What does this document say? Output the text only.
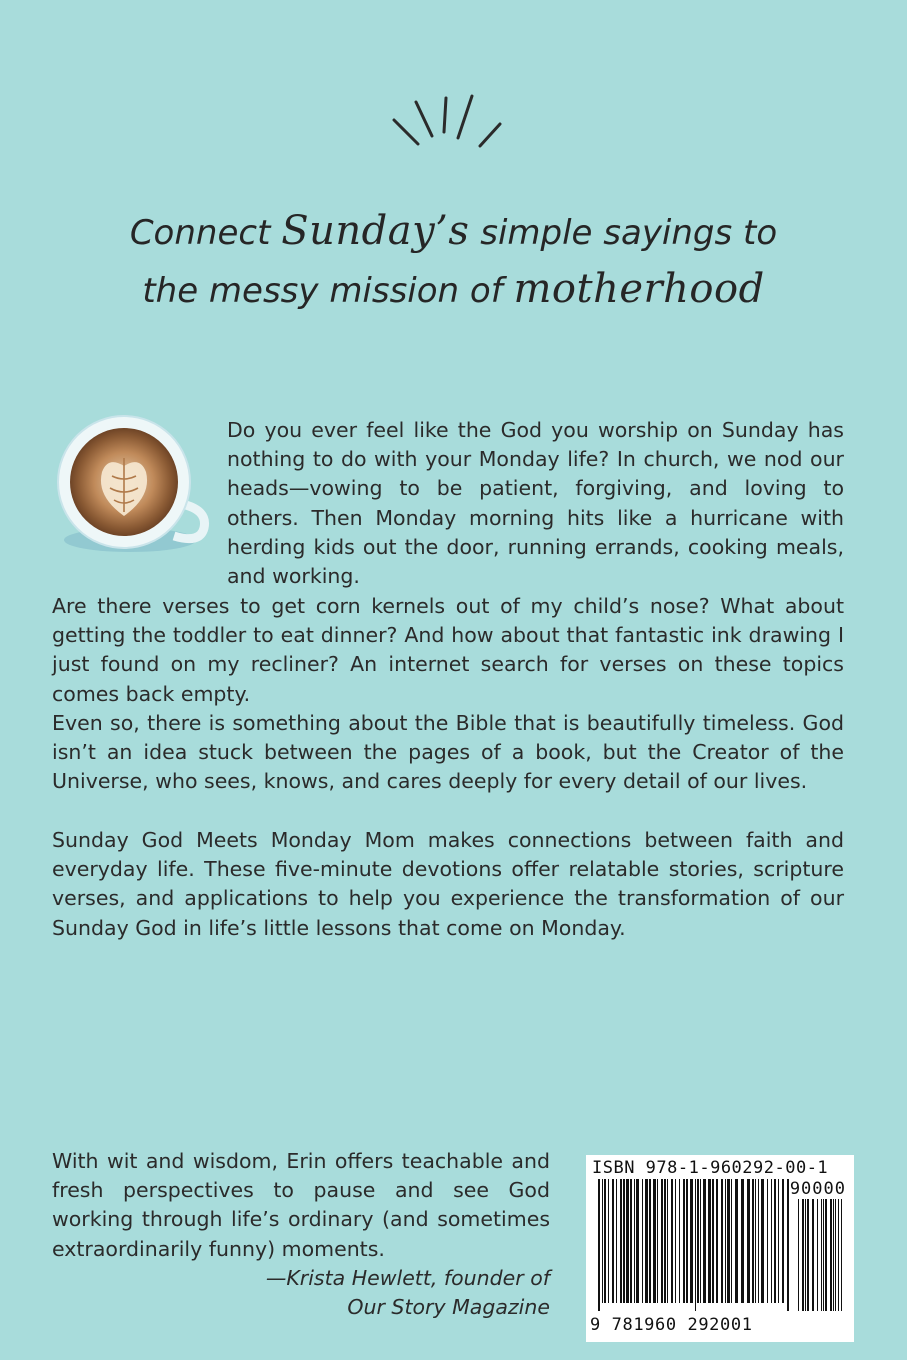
Connect Sunday’s simple sayings to
the messy mission of motherhood

Do you ever feel like the God you worship on Sunday has nothing to do with your Monday life? In church, we nod our heads—vowing to be patient, forgiving, and loving to others. Then Monday morning hits like a hurricane with herding kids out the door, running errands, cooking meals, and working.

Are there verses to get corn kernels out of my child’s nose? What about getting the toddler to eat dinner? And how about that fantastic ink drawing I just found on my recliner? An internet search for verses on these topics comes back empty.

Even so, there is something about the Bible that is beautifully timeless. God isn’t an idea stuck between the pages of a book, but the Creator of the Universe, who sees, knows, and cares deeply for every detail of our lives.

Sunday God Meets Monday Mom makes connections between faith and everyday life. These five-minute devotions offer relatable stories, scripture verses, and applications to help you experience the transformation of our Sunday God in life’s little lessons that come on Monday.

With wit and wisdom, Erin offers teachable and fresh perspectives to pause and see God working through life’s ordinary (and sometimes extraordinarily funny) moments.

—Krista Hewlett, founder of
Our Story Magazine
ISBN 978-1-960292-00-1
90000
9 781960 292001
